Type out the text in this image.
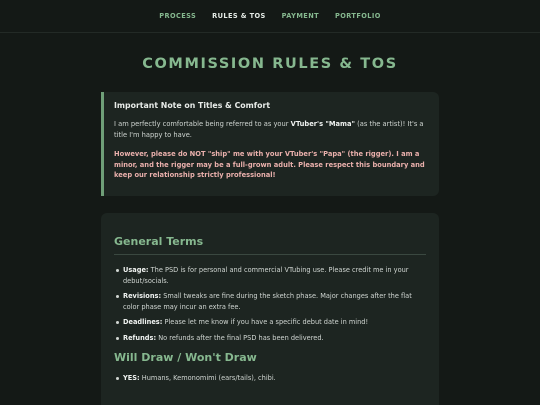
PROCESS	RULES & TOS	PAYMENT	PORTFOLIO
COMMISSION RULES & TOS
Important Note on Titles & Comfort

I am perfectly comfortable being referred to as your VTuber's "Mama" (as the artist)! It's a title I'm happy to have.

However, please do NOT "ship" me with your VTuber's "Papa" (the rigger). I am a minor, and the rigger may be a full-grown adult. Please respect this boundary and keep our relationship strictly professional!

General Terms
Usage: The PSD is for personal and commercial VTubing use. Please credit me in your debut/socials.
Revisions: Small tweaks are fine during the sketch phase. Major changes after the flat color phase may incur an extra fee.
Deadlines: Please let me know if you have a specific debut date in mind!
Refunds: No refunds after the final PSD has been delivered.
Will Draw / Won't Draw
YES: Humans, Kemonomimi (ears/tails), chibi.
